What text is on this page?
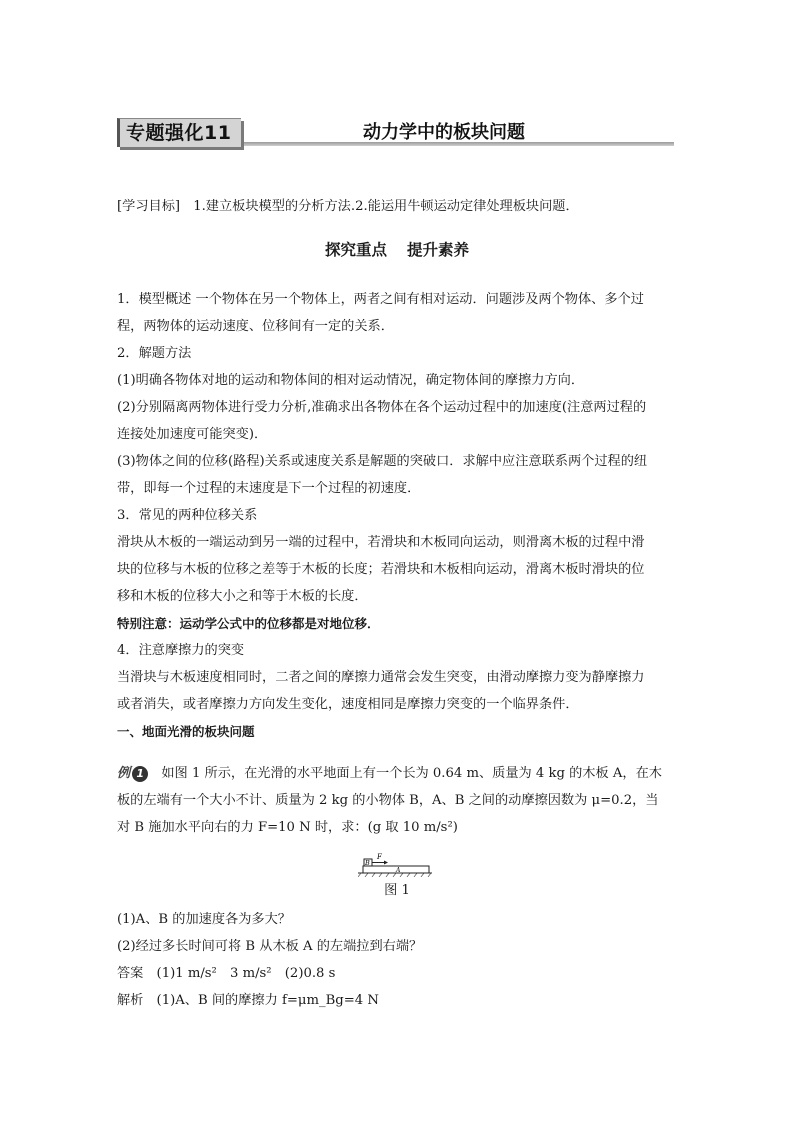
专题强化11	动力学中的板块问题
[学习目标]　1.建立板块模型的分析方法.2.能运用牛顿运动定律处理板块问题．
探究重点 提升素养
1．模型概述 一个物体在另一个物体上，两者之间有相对运动．问题涉及两个物体、多个过
程，两物体的运动速度、位移间有一定的关系．
2．解题方法
(1)明确各物体对地的运动和物体间的相对运动情况，确定物体间的摩擦力方向．
(2)分别隔离两物体进行受力分析,准确求出各物体在各个运动过程中的加速度(注意两过程的
连接处加速度可能突变)．
(3)物体之间的位移(路程)关系或速度关系是解题的突破口．求解中应注意联系两个过程的纽
带，即每一个过程的末速度是下一个过程的初速度．
3．常见的两种位移关系
滑块从木板的一端运动到另一端的过程中，若滑块和木板同向运动，则滑离木板的过程中滑
块的位移与木板的位移之差等于木板的长度；若滑块和木板相向运动，滑离木板时滑块的位
移和木板的位移大小之和等于木板的长度．
特别注意：运动学公式中的位移都是对地位移．
4．注意摩擦力的突变
当滑块与木板速度相同时，二者之间的摩擦力通常会发生突变，由滑动摩擦力变为静摩擦力
或者消失，或者摩擦力方向发生变化，速度相同是摩擦力突变的一个临界条件．
一、地面光滑的板块问题
例 1　如图 1 所示，在光滑的水平地面上有一个长为 0.64 m、质量为 4 kg 的木板 A，在木
板的左端有一个大小不计、质量为 2 kg 的小物体 B，A、B 之间的动摩擦因数为 μ=0.2，当
对 B 施加水平向右的力 F=10 N 时，求：(g 取 10 m/s²)
B
F
A
图 1
(1)A、B 的加速度各为多大？
(2)经过多长时间可将 B 从木板 A 的左端拉到右端？
答案　(1)1 m/s²　3 m/s²　(2)0.8 s
解析　(1)A、B 间的摩擦力 f=μm_Bg=4 N
